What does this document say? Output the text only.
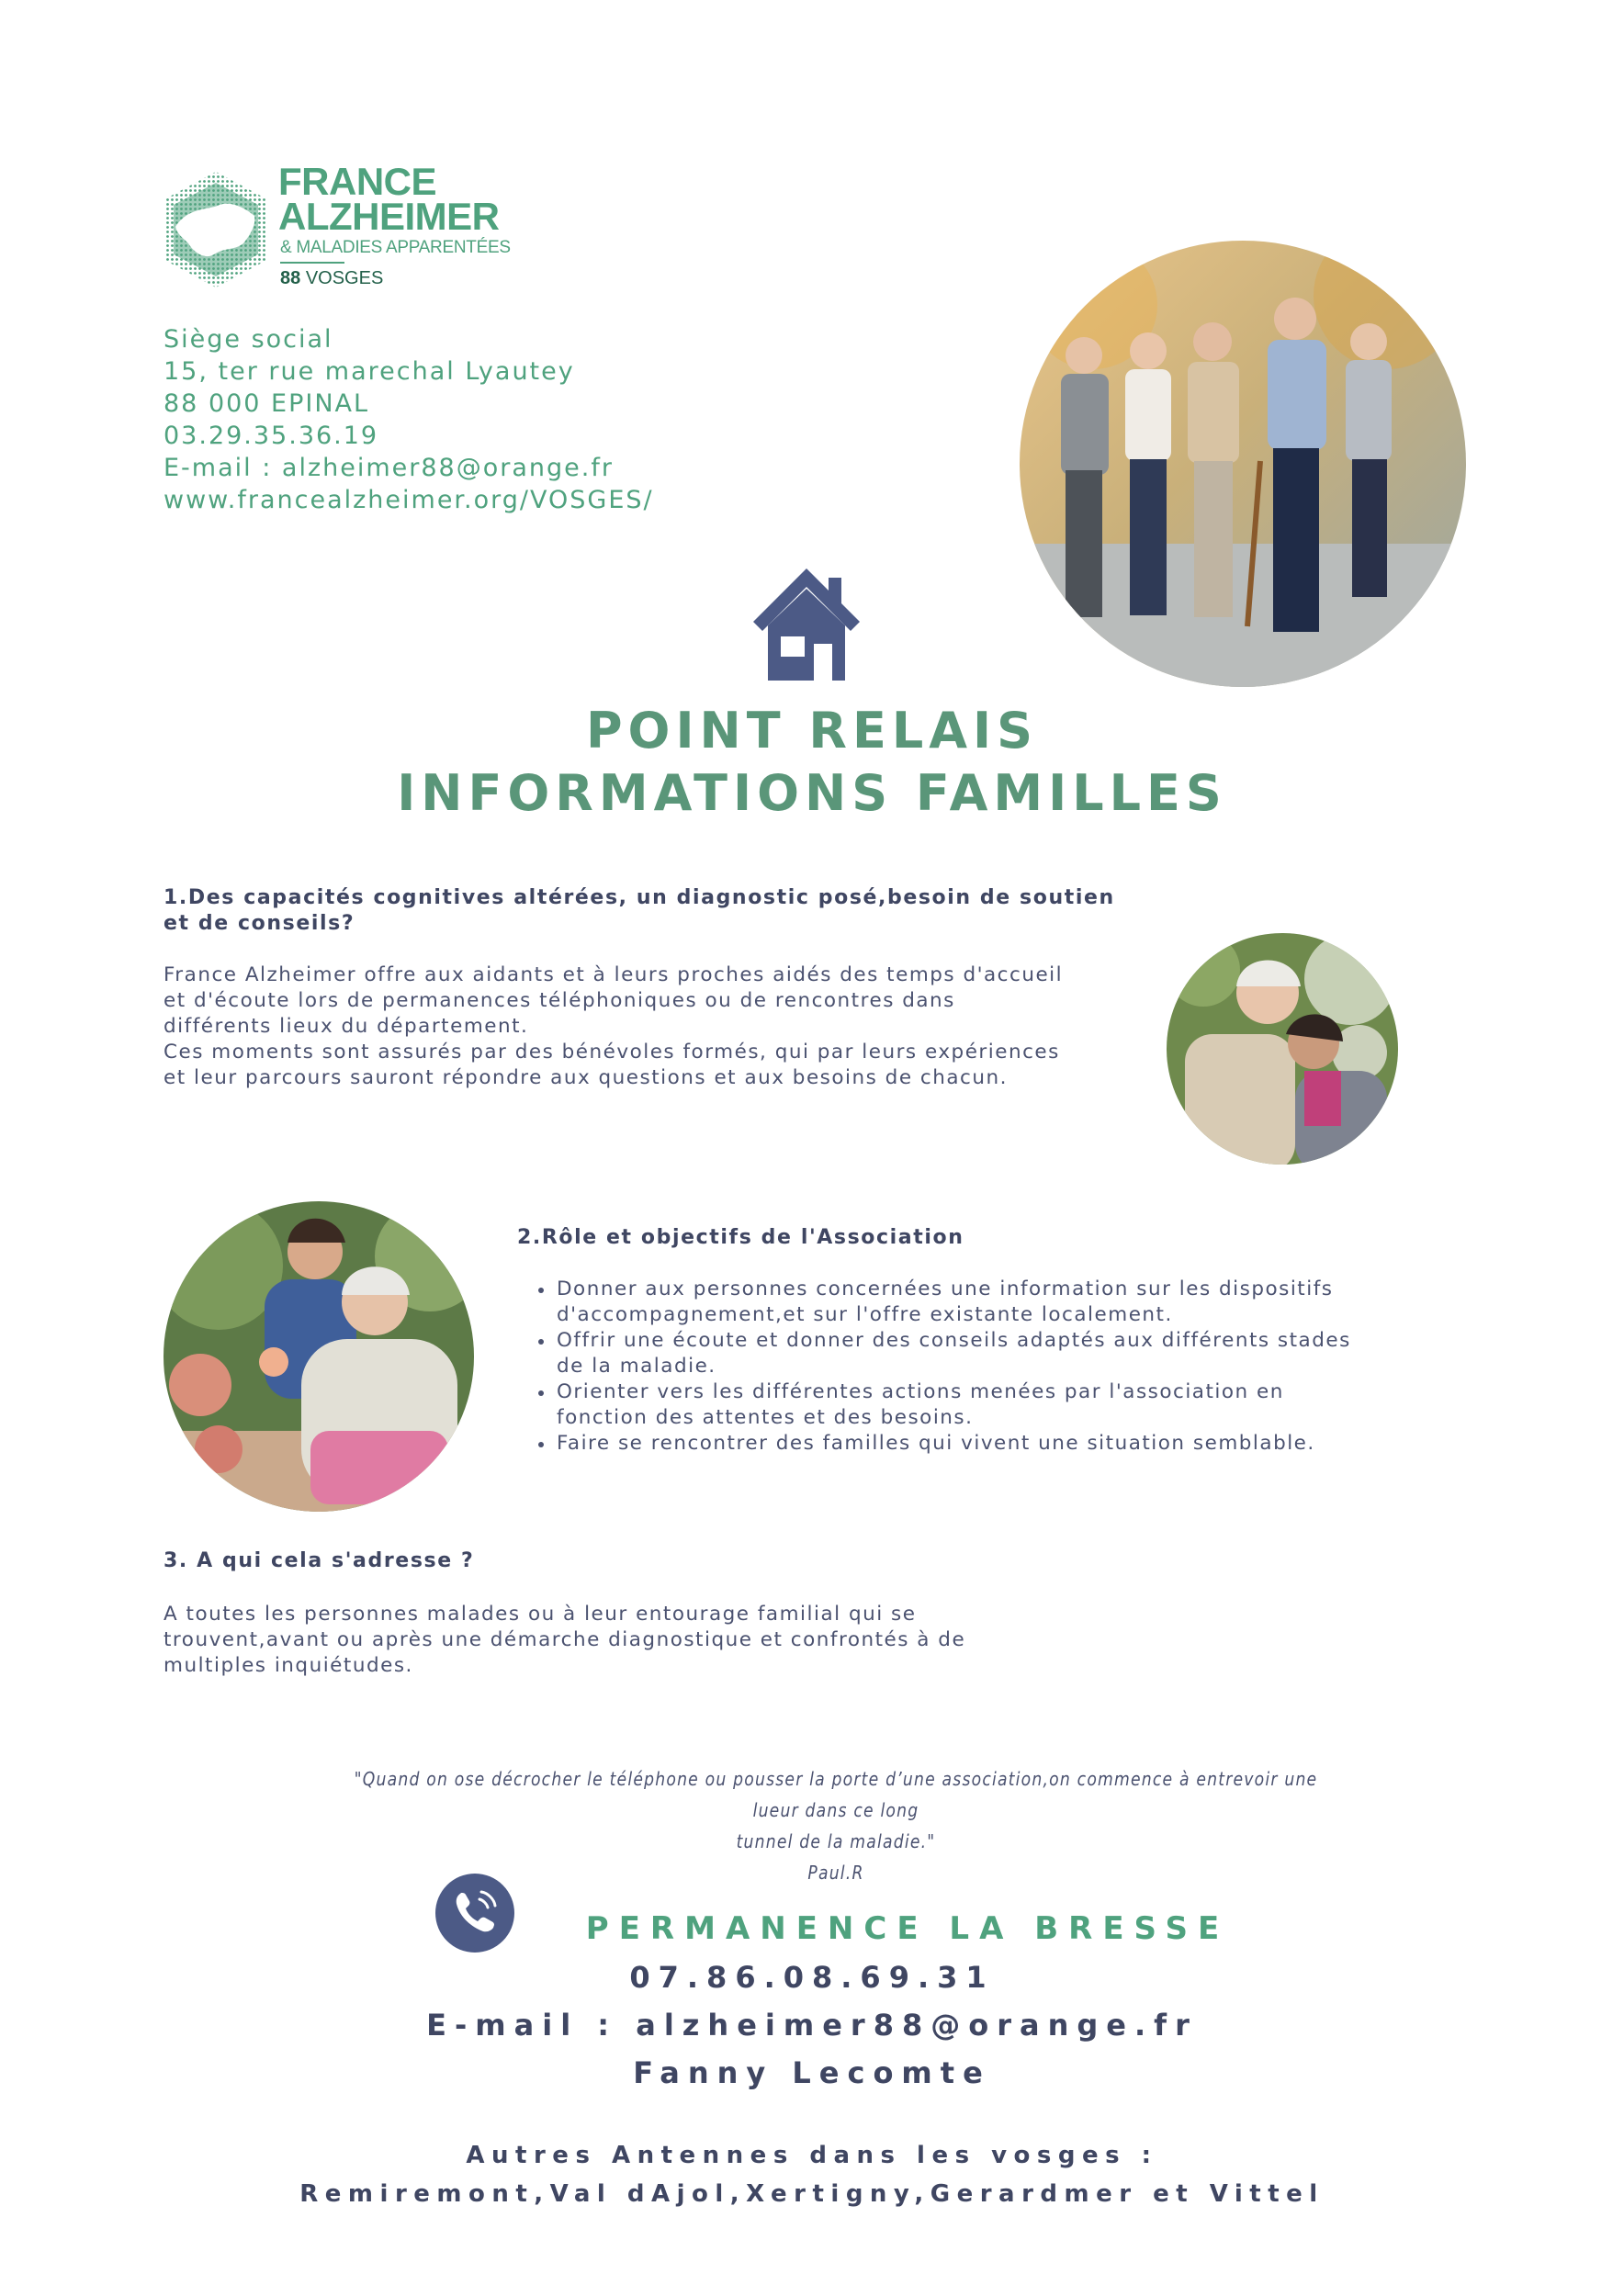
FRANCE
ALZHEIMER
& MALADIES APPARENTÉES
88 VOSGES
Siège social
15, ter rue marechal Lyautey
88 000 EPINAL
03.29.35.36.19
E-mail : alzheimer88@orange.fr
www.francealzheimer.org/VOSGES/
POINT RELAIS
INFORMATIONS FAMILLES
1.Des capacités cognitives altérées, un diagnostic posé,besoin de soutien
et de conseils?
France Alzheimer offre aux aidants et à leurs proches aidés des temps d'accueil
et d'écoute lors de permanences téléphoniques ou de rencontres dans
différents lieux du département.
Ces moments sont assurés par des bénévoles formés, qui par leurs expériences
et leur parcours sauront répondre aux questions et aux besoins de chacun.
2.Rôle et objectifs de l'Association
Donner aux personnes concernées une information sur les dispositifs
d'accompagnement,et sur l'offre existante localement.
Offrir une écoute et donner des conseils adaptés aux différents stades
de la maladie.
Orienter vers les différentes actions menées par l'association en
fonction des attentes et des besoins.
Faire se rencontrer des familles qui vivent une situation semblable.
3. A qui cela s'adresse ?
A toutes les personnes malades ou à leur entourage familial qui se
trouvent,avant ou après une démarche diagnostique et confrontés à de
multiples inquiétudes.
"Quand on ose décrocher le téléphone ou pousser la porte d’une association,on commence à entrevoir une lueur dans ce long
tunnel de la maladie."
Paul.R
PERMANENCE LA BRESSE
07.86.08.69.31
E-mail : alzheimer88@orange.fr
Fanny Lecomte
Autres Antennes dans les vosges :
Remiremont,Val dAjol,Xertigny,Gerardmer et Vittel
